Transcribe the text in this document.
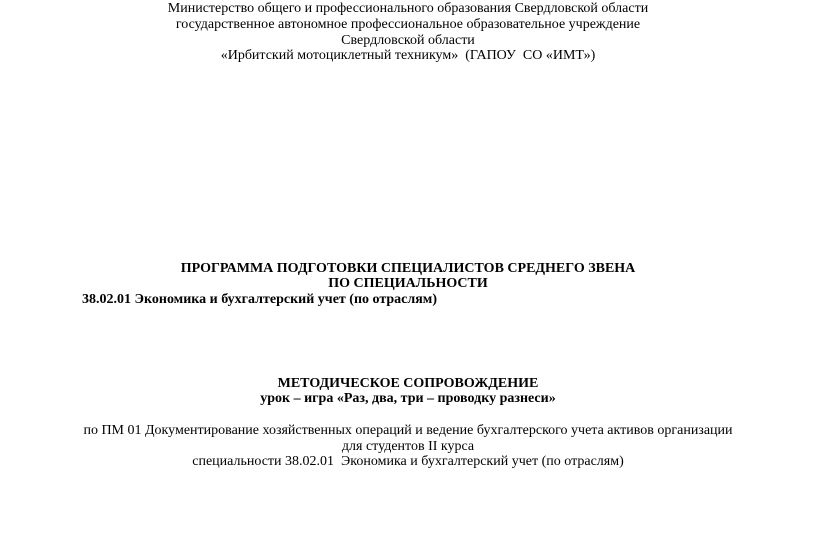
Министерство общего и профессионального образования Свердловской области
государственное автономное профессиональное образовательное учреждение
Свердловской области
«Ирбитский мотоциклетный техникум»  (ГАПОУ  СО «ИМТ»)
ПРОГРАММА ПОДГОТОВКИ СПЕЦИАЛИСТОВ СРЕДНЕГО ЗВЕНА
ПО СПЕЦИАЛЬНОСТИ
38.02.01 Экономика и бухгалтерский учет (по отраслям)
МЕТОДИЧЕСКОЕ СОПРОВОЖДЕНИЕ
урок – игра «Раз, два, три – проводку разнеси»
по ПМ 01 Документирование хозяйственных операций и ведение бухгалтерского учета активов организации
для студентов II курса
специальности 38.02.01  Экономика и бухгалтерский учет (по отраслям)
